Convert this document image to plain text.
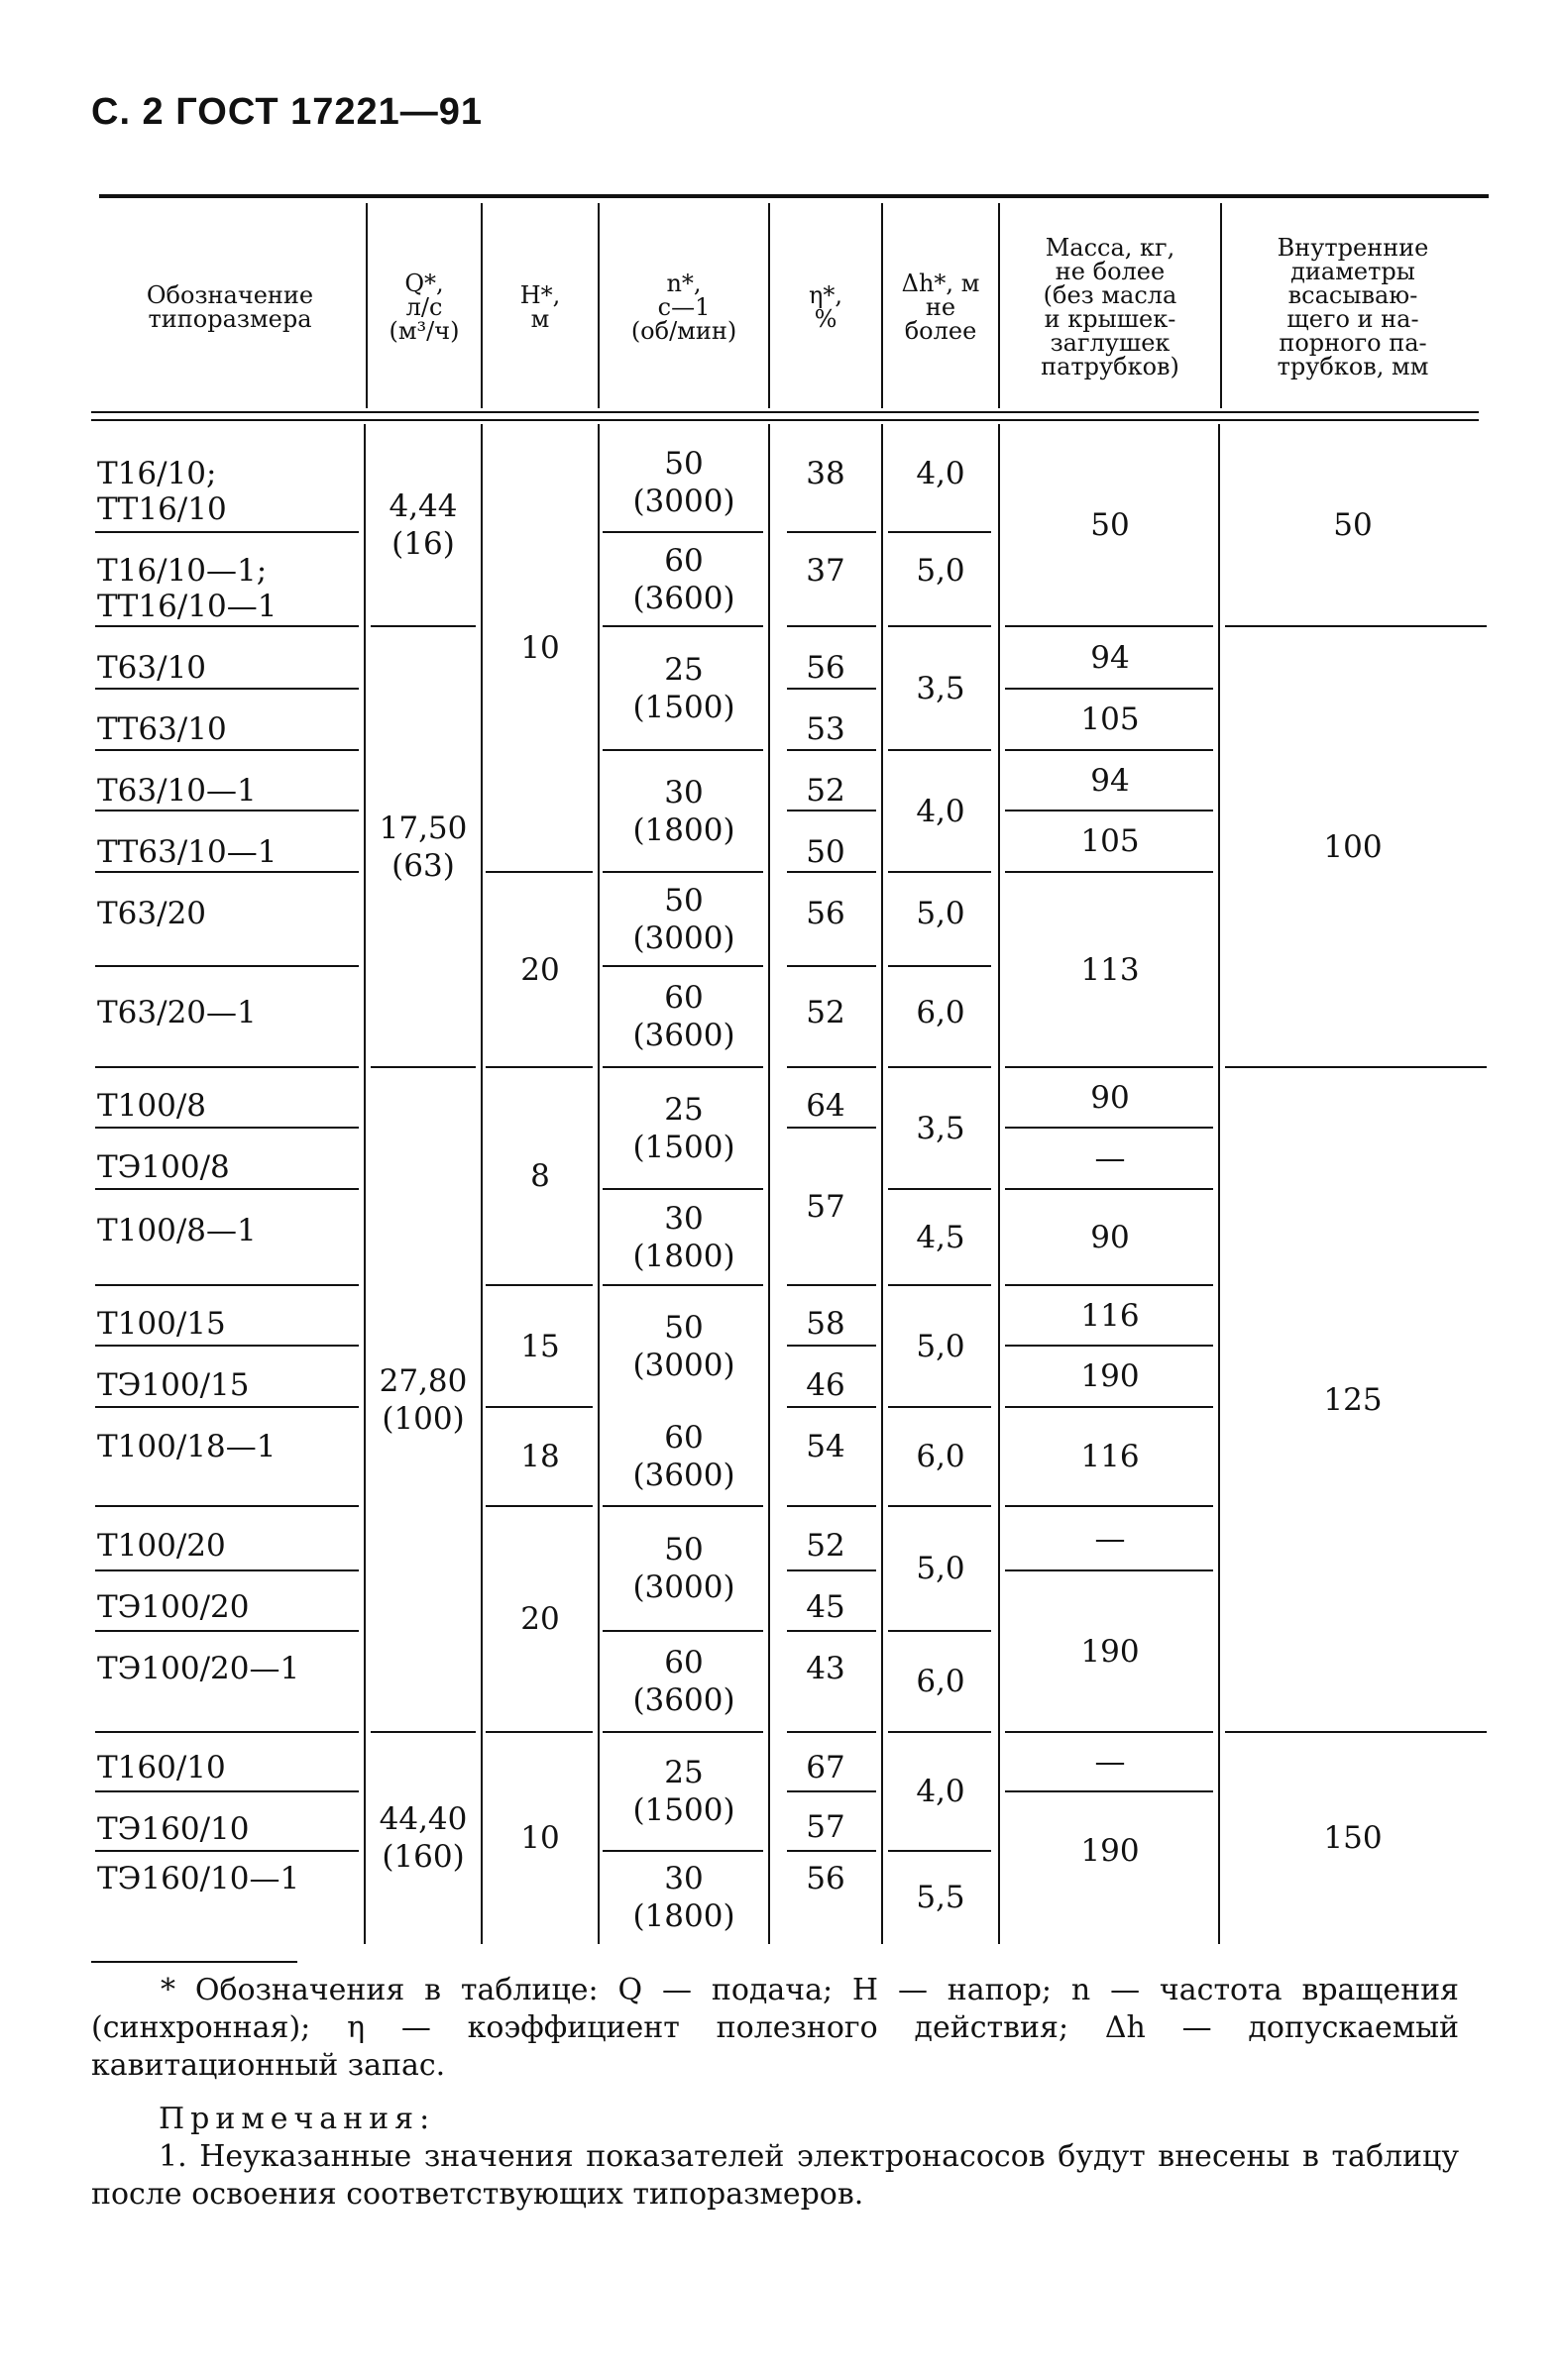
С. 2 ГОСТ 17221—91
Обозначение
типоразмера
Q*,
л/с
(м³/ч)
H*,
м
n*,
с—1
(об/мин)
η*,
%
Δh*, м
не
более
Масса, кг,
не более
(без масла
и крышек-
заглушек
патрубков)
Внутренние
диаметры
всасываю-
щего и на-
порного па-
трубков, мм
Т16/10;
ТТ16/10
Т16/10—1;
ТТ16/10—1
Т63/10
ТТ63/10
Т63/10—1
ТТ63/10—1
Т63/20
Т63/20—1
Т100/8
ТЭ100/8
Т100/8—1
Т100/15
ТЭ100/15
Т100/18—1
Т100/20
ТЭ100/20
ТЭ100/20—1
Т160/10
ТЭ160/10
ТЭ160/10—1
4,44
(16)
17,50
(63)
27,80
(100)
44,40
(160)
10
20
8
15
18
20
10
50
(3000)
60
(3600)
25
(1500)
30
(1800)
50
(3000)
60
(3600)
25
(1500)
30
(1800)
50
(3000)
60
(3600)
50
(3000)
60
(3600)
25
(1500)
30
(1800)
38
37
56
53
52
50
56
52
64
57
58
46
54
52
45
43
67
57
56
4,0
5,0
3,5
4,0
5,0
6,0
3,5
4,5
5,0
6,0
5,0
6,0
4,0
5,5
50
94
105
94
105
113
90
—
90
116
190
116
—
190
—
190
50
100
125
150
* Обозначения в таблице: Q — подача; H — напор; n — частота вращения (синхронная); η — коэффициент полезного действия; Δh — допускаемый кавитационный запас.
Примечания:
1. Неуказанные значения показателей электронасосов будут внесены в таблицу после освоения соответствующих типоразмеров.
